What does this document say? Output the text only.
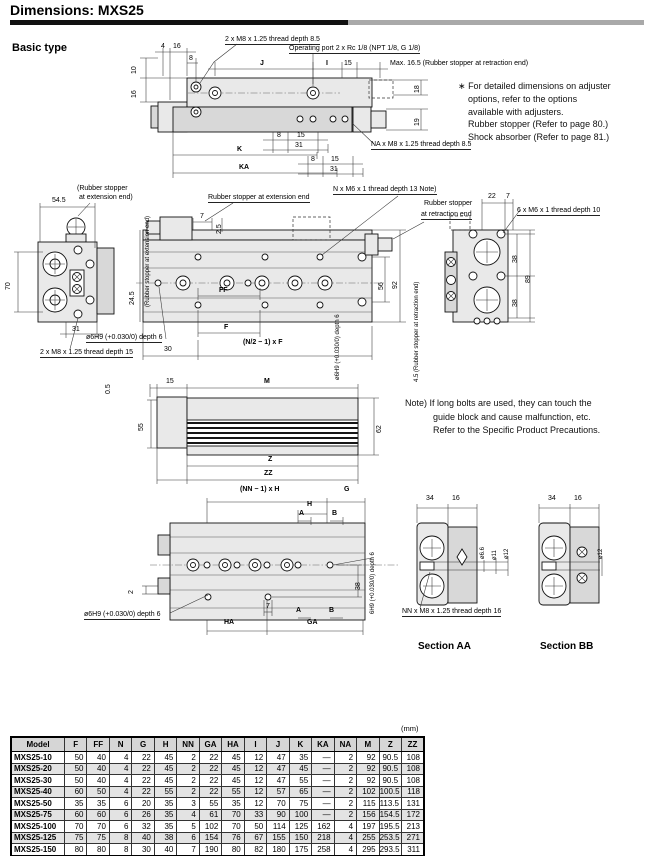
Dimensions: MXS25
Basic type
2 x M8 x 1.25 thread depth 8.5
Operating port 2 x Rc 1/8 (NPT 1/8, G 1/8)
4 16
8
J	I 15	Max. 16.5 (Rubber stopper at retraction end)
10
16
18
19
K
KA
8 15
31
8 15
31
NA x M8 x 1.25 thread depth 8.5
∗ For detailed dimensions on adjuster
options, refer to the options
available with adjusters.
Rubber stopper (Refer to page 80.)
Shock absorber (Refer to page 81.)
(Rubber stopper
at extension end)
54.5
70
31
2 x M8 x 1.25 thread depth 15
Rubber stopper at extension end
N x M6 x 1 thread depth 13 Note)
Rubber stopper
at retraction end
7
2.5
24.5 (Rubber stopper at extension end)	FF
F
30
(N/2 − 1) x F
56 92	4.5 (Rubber stopper at retraction end)
ø6H9 (+0.030/0) depth 6
ø6H9 (+0.030/0) depth 6
22 7
6 x M6 x 1 thread depth 10
38
89
38
Note) If long bolts are used, they can touch the
guide block and cause malfunction, etc.
Refer to the Specific Product Precautions.
0.5
15	M
55	62
Z
ZZ
(NN − 1) x H	G
H
A	B
2
38
7
A	B
HA	GA
ø6H9 (+0.030/0) depth 6
6H9 (+0.030/0) depth 6	NN x M8 x 1.25 thread depth 16
34	16
ø6.6 ø11 ø12
Section AA
34	16
ø12
Section BB
(mm)
Model	F	FF	N	G	H	NN	GA	HA	I	J	K	KA	NA	M	Z	ZZ
MXS25-10	50	40	4	22	45	2	22	45	12	47	35	—	2	92	90.5	108
MXS25-20	50	40	4	22	45	2	22	45	12	47	45	—	2	92	90.5	108
MXS25-30	50	40	4	22	45	2	22	45	12	47	55	—	2	92	90.5	108
MXS25-40	60	50	4	22	55	2	22	55	12	57	65	—	2	102	100.5	118
MXS25-50	35	35	6	20	35	3	55	35	12	70	75	—	2	115	113.5	131
MXS25-75	60	60	6	26	35	4	61	70	33	90	100	—	2	156	154.5	172
MXS25-100	70	70	6	32	35	5	102	70	50	114	125	162	4	197	195.5	213
MXS25-125	75	75	8	40	38	6	154	76	67	155	150	218	4	255	253.5	271
MXS25-150	80	80	8	30	40	7	190	80	82	180	175	258	4	295	293.5	311
